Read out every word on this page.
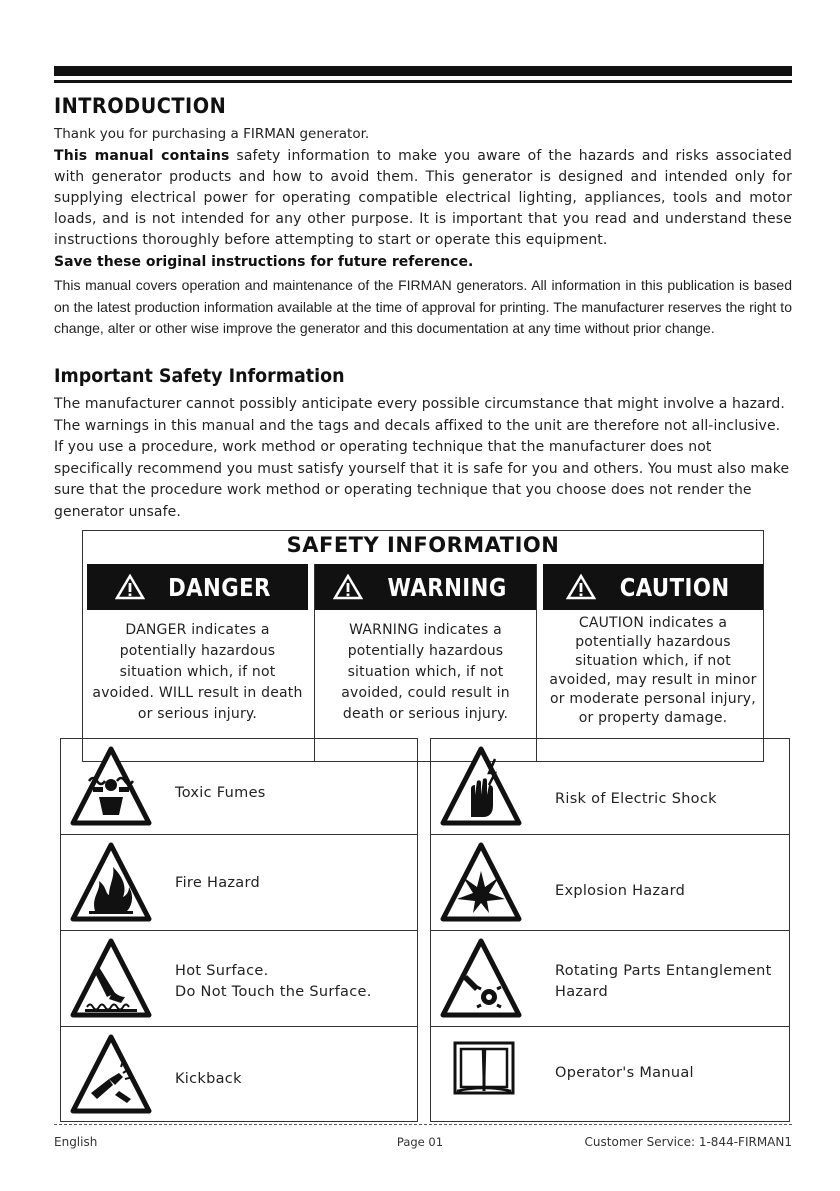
INTRODUCTION
Thank you for purchasing a FIRMAN generator.
This manual contains safety information to make you aware of the hazards and risks associated with generator products and how to avoid them. This generator is designed and intended only for supplying electrical power for operating compatible electrical lighting, appliances, tools and motor loads, and is not intended for any other purpose. It is important that you read and understand these instructions thoroughly before attempting to start or operate this equipment.
Save these original instructions for future reference.
This manual covers operation and maintenance of the FIRMAN generators. All information in this publication is based on the latest production information available at the time of approval for printing. The manufacturer reserves the right to change, alter or other wise improve the generator and this documentation at any time without prior change.
Important Safety Information
The manufacturer cannot possibly anticipate every possible circumstance that might involve a hazard. The warnings in this manual and the tags and decals affixed to the unit are therefore not all-inclusive. If you use a procedure, work method or operating technique that the manufacturer does not specifically recommend you must satisfy yourself that it is safe for you and others. You must also make sure that the procedure work method or operating technique that you choose does not render the generator unsafe.
SAFETY INFORMATION
DANGER
DANGER indicates a potentially hazardous situation which, if not avoided. WILL result in death or serious injury.
WARNING
WARNING indicates a potentially hazardous situation which, if not avoided, could result in death or serious injury.
CAUTION
CAUTION indicates a potentially hazardous situation which, if not avoided, may result in minor or moderate personal injury, or property damage.
Toxic Fumes
Fire Hazard
Hot Surface.
Do Not Touch the Surface.
Kickback
Risk of Electric Shock
Explosion Hazard
Rotating Parts Entanglement
Hazard
Operator's Manual
English	Page 01	Customer Service: 1-844-FIRMAN1
